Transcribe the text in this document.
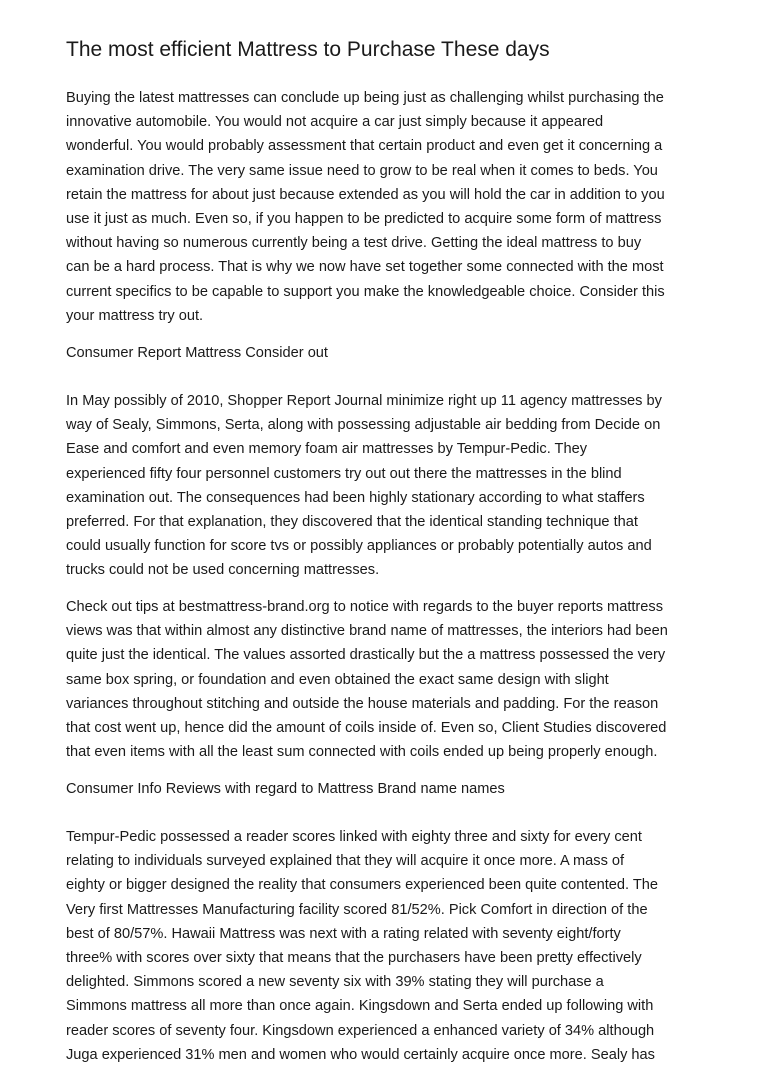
The most efficient Mattress to Purchase These days
Buying the latest mattresses can conclude up being just as challenging whilst purchasing the
innovative automobile. You would not acquire a car just simply because it appeared
wonderful. You would probably assessment that certain product and even get it concerning a
examination drive. The very same issue need to grow to be real when it comes to beds. You
retain the mattress for about just because extended as you will hold the car in addition to you
use it just as much. Even so, if you happen to be predicted to acquire some form of mattress
without having so numerous currently being a test drive. Getting the ideal mattress to buy
can be a hard process. That is why we now have set together some connected with the most
current specifics to be capable to support you make the knowledgeable choice. Consider this
your mattress try out.
Consumer Report Mattress Consider out
In May possibly of 2010, Shopper Report Journal minimize right up 11 agency mattresses by
way of Sealy, Simmons, Serta, along with possessing adjustable air bedding from Decide on
Ease and comfort and even memory foam air mattresses by Tempur-Pedic. They
experienced fifty four personnel customers try out out there the mattresses in the blind
examination out. The consequences had been highly stationary according to what staffers
preferred. For that explanation, they discovered that the identical standing technique that
could usually function for score tvs or possibly appliances or probably potentially autos and
trucks could not be used concerning mattresses.
Check out tips at bestmattress-brand.org to notice with regards to the buyer reports mattress
views was that within almost any distinctive brand name of mattresses, the interiors had been
quite just the identical. The values assorted drastically but the a mattress possessed the very
same box spring, or foundation and even obtained the exact same design with slight
variances throughout stitching and outside the house materials and padding. For the reason
that cost went up, hence did the amount of coils inside of. Even so, Client Studies discovered
that even items with all the least sum connected with coils ended up being properly enough.
Consumer Info Reviews with regard to Mattress Brand name names
Tempur-Pedic possessed a reader scores linked with eighty three and sixty for every cent
relating to individuals surveyed explained that they will acquire it once more. A mass of
eighty or bigger designed the reality that consumers experienced been quite contented. The
Very first Mattresses Manufacturing facility scored 81/52%. Pick Comfort in direction of the
best of 80/57%. Hawaii Mattress was next with a rating related with seventy eight/forty
three% with scores over sixty that means that the purchasers have been pretty effectively
delighted. Simmons scored a new seventy six with 39% stating they will purchase a
Simmons mattress all more than once again. Kingsdown and Serta ended up following with
reader scores of seventy four. Kingsdown experienced a enhanced variety of 34% although
Juga experienced 31% men and women who would certainly acquire once more. Sealy has
